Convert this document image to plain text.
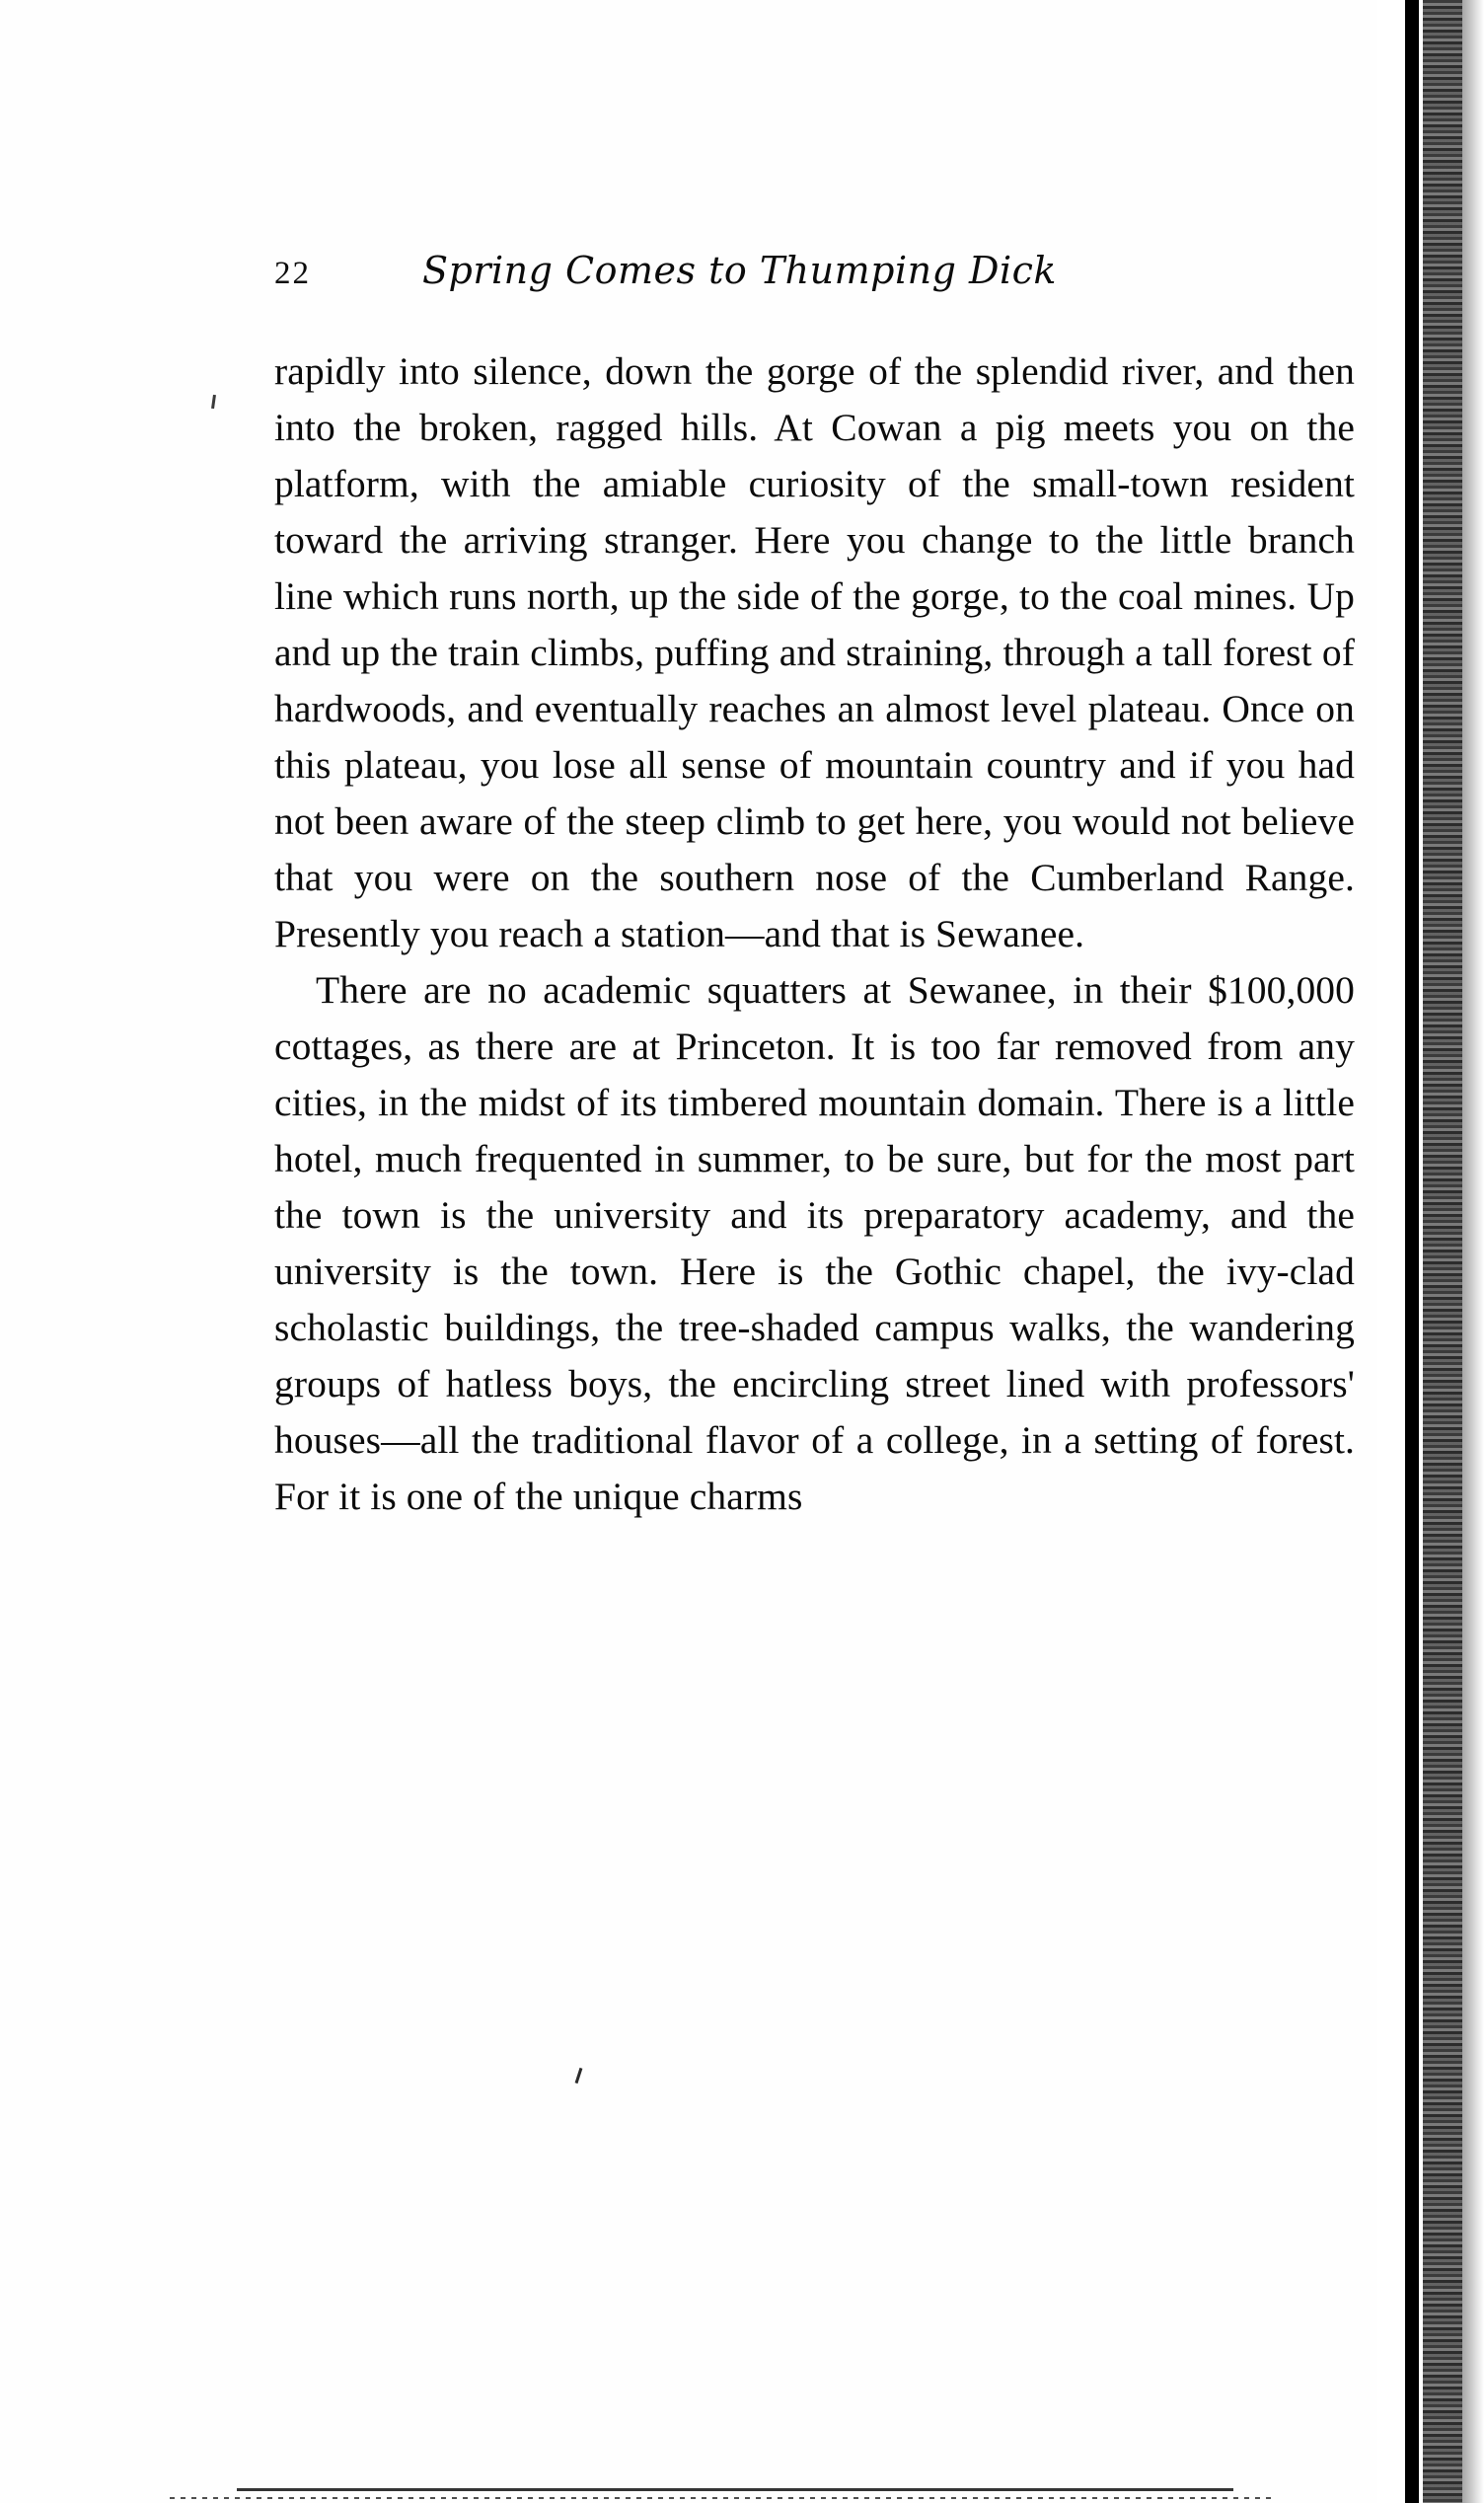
22	Spring Comes to Thumping Dick

rapidly into silence, down the gorge of the splendid river, and then into the broken, ragged hills. At Cowan a pig meets you on the platform, with the amiable curiosity of the small-town resident toward the arriving stranger. Here you change to the little branch line which runs north, up the side of the gorge, to the coal mines. Up and up the train climbs, puffing and straining, through a tall forest of hardwoods, and eventually reaches an almost level plateau. Once on this plateau, you lose all sense of mountain country and if you had not been aware of the steep climb to get here, you would not believe that you were on the southern nose of the Cumberland Range. Presently you reach a station—and that is Sewanee.

There are no academic squatters at Sewanee, in their $100,000 cottages, as there are at Princeton. It is too far removed from any cities, in the midst of its timbered mountain domain. There is a little hotel, much frequented in summer, to be sure, but for the most part the town is the university and its preparatory academy, and the university is the town. Here is the Gothic chapel, the ivy-clad scholastic buildings, the tree-shaded campus walks, the wandering groups of hatless boys, the encircling street lined with professors' houses—all the traditional flavor of a college, in a setting of forest. For it is one of the unique charms
